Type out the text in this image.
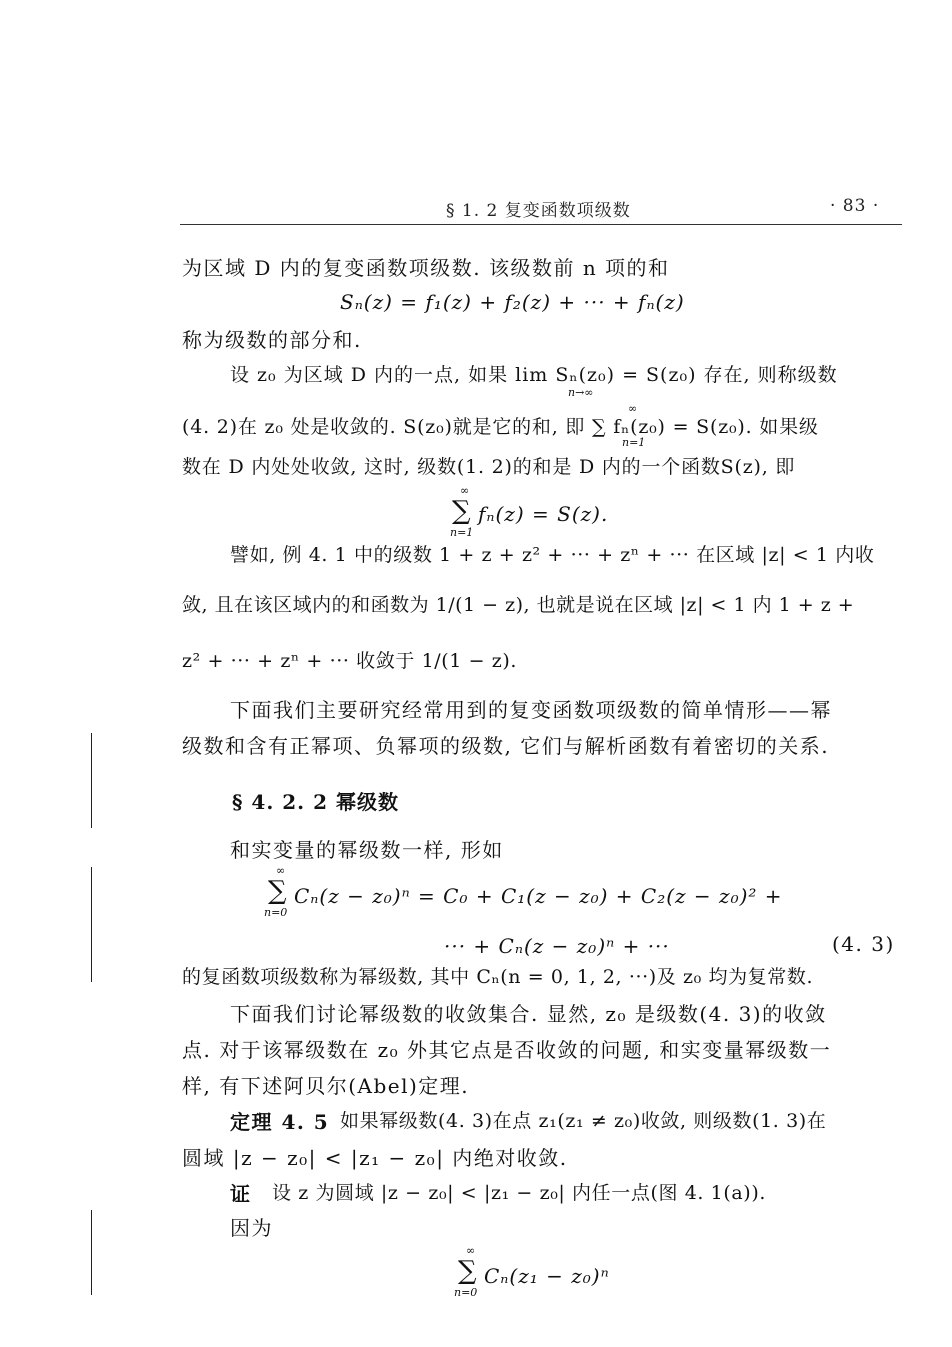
§ 1. 2 复变函数项级数	· 83 ·
为区域 D 内的复变函数项级数. 该级数前 n 项的和
Sₙ(z) = f₁(z) + f₂(z) + ··· + fₙ(z)
称为级数的部分和.
设 z₀ 为区域 D 内的一点, 如果 lim Sₙ(z₀) = S(z₀) 存在, 则称级数
n→∞
(4. 2)在 z₀ 处是收敛的. S(z₀)就是它的和, 即 ∑ fₙ(z₀) = S(z₀). 如果级
n=1
∞
数在 D 内处处收敛, 这时, 级数(1. 2)的和是 D 内的一个函数S(z), 即
∑
n=1
∞
fₙ(z) = S(z).
譬如, 例 4. 1 中的级数 1 + z + z² + ··· + zⁿ + ··· 在区域 |z| < 1 内收
敛, 且在该区域内的和函数为 1/(1 − z), 也就是说在区域 |z| < 1 内 1 + z +
z² + ··· + zⁿ + ··· 收敛于 1/(1 − z).
下面我们主要研究经常用到的复变函数项级数的简单情形——幂
级数和含有正幂项、负幂项的级数, 它们与解析函数有着密切的关系.
§ 4. 2. 2 幂级数
和实变量的幂级数一样, 形如
∑
n=0
∞
Cₙ(z − z₀)ⁿ = C₀ + C₁(z − z₀) + C₂(z − z₀)² +
··· + Cₙ(z − z₀)ⁿ + ···	(4. 3)
的复函数项级数称为幂级数, 其中 Cₙ(n = 0, 1, 2, ···)及 z₀ 均为复常数.
下面我们讨论幂级数的收敛集合. 显然, z₀ 是级数(4. 3)的收敛
点. 对于该幂级数在 z₀ 外其它点是否收敛的问题, 和实变量幂级数一
样, 有下述阿贝尔(Abel)定理.
定理 4. 5 如果幂级数(4. 3)在点 z₁(z₁ ≠ z₀)收敛, 则级数(1. 3)在
圆域 |z − z₀| < |z₁ − z₀| 内绝对收敛.
证 设 z 为圆域 |z − z₀| < |z₁ − z₀| 内任一点(图 4. 1(a)).
因为
∑
n=0
∞
Cₙ(z₁ − z₀)ⁿ
